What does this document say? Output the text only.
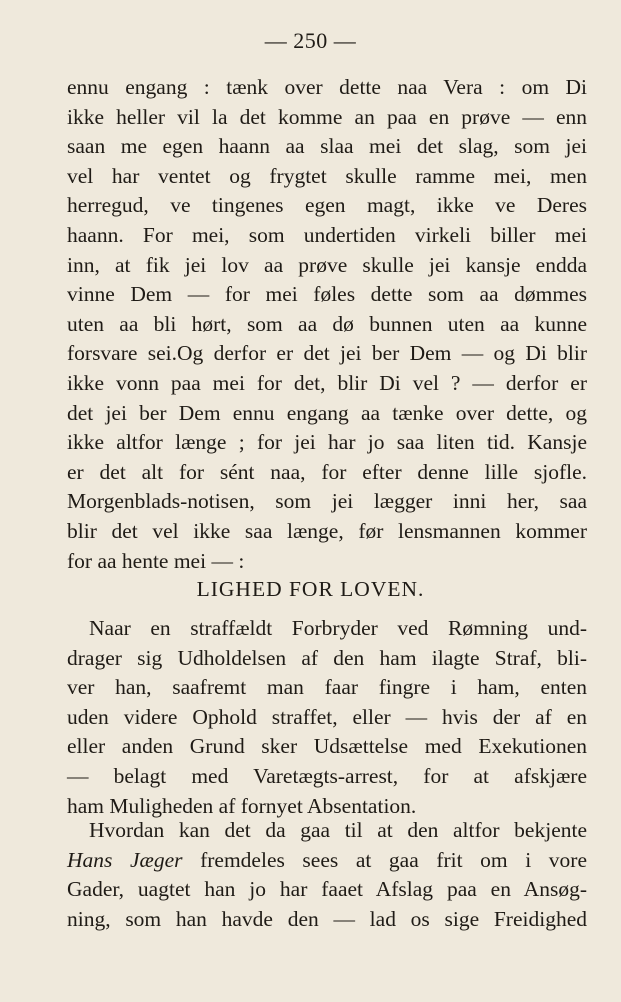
— 250 —
ennu engang : tænk over dette naa Vera : om Di
ikke heller vil la det komme an paa en prøve — enn
saan me egen haann aa slaa mei det slag, som jei
vel har ventet og frygtet skulle ramme mei, men
herregud, ve tingenes egen magt, ikke ve Deres
haann. For mei, som undertiden virkeli biller mei
inn, at fik jei lov aa prøve skulle jei kansje endda
vinne Dem — for mei føles dette som aa dømmes
uten aa bli hørt, som aa dø bunnen uten aa kunne
forsvare sei.Og derfor er det jei ber Dem — og Di blir
ikke vonn paa mei for det, blir Di vel ? — derfor er
det jei ber Dem ennu engang aa tænke over dette, og
ikke altfor længe ; for jei har jo saa liten tid. Kansje
er det alt for sént naa, for efter denne lille sjofle.
Morgenblads-notisen, som jei lægger inni her, saa
blir det vel ikke saa længe, før lensmannen kommer
for aa hente mei — :
LIGHED FOR LOVEN.
Naar en straffældt Forbryder ved Rømning und-
drager sig Udholdelsen af den ham ilagte Straf, bli-
ver han, saafremt man faar fingre i ham, enten
uden videre Ophold straffet, eller — hvis der af en
eller anden Grund sker Udsættelse med Exekutionen
— belagt med Varetægts-arrest, for at afskjære
ham Muligheden af fornyet Absentation.
Hvordan kan det da gaa til at den altfor bekjente
Hans Jæger fremdeles sees at gaa frit om i vore
Gader, uagtet han jo har faaet Afslag paa en Ansøg-
ning, som han havde den — lad os sige Freidighed
